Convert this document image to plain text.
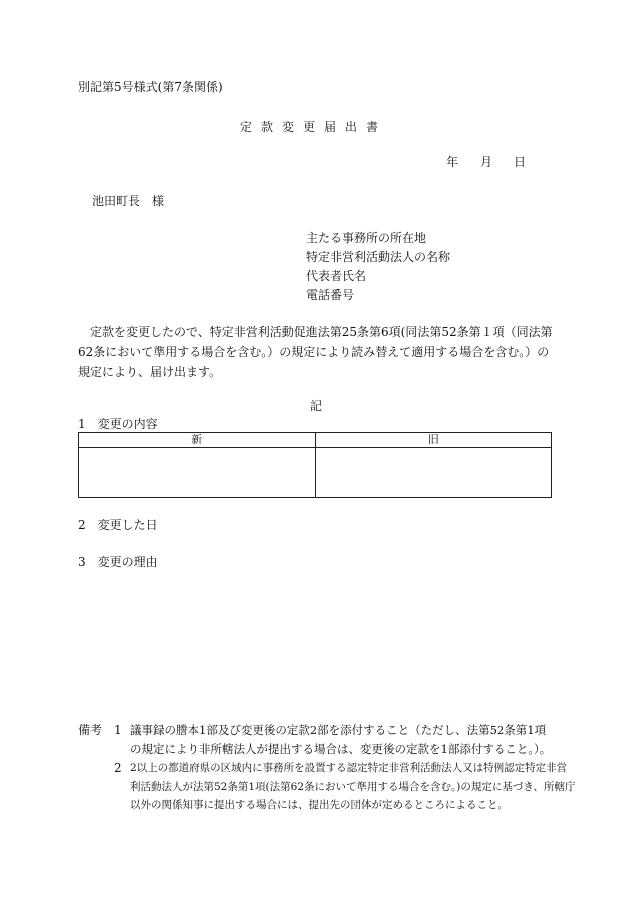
別記第5号様式(第7条関係)
定款変更届出書
年 月 日
池田町長　様
主たる事務所の所在地
特定非営利活動法人の名称
代表者氏名
電話番号
定款を変更したので、特定非営利活動促進法第25条第6項(同法第52条第１項（同法第62条において準用する場合を含む。）の規定により読み替えて適用する場合を含む。）の規定により、届け出ます。
記
1　変更の内容
新	旧

2　変更した日
3　変更の理由
備考 1 議事録の謄本1部及び変更後の定款2部を添付すること（ただし、法第52条第1項
の規定により非所轄法人が提出する場合は、変更後の定款を1部添付すること。）。
2 2以上の都道府県の区域内に事務所を設置する認定特定非営利活動法人又は特例認定特定非営
利活動法人が法第52条第1項(法第62条において準用する場合を含む。)の規定に基づき、所轄庁
以外の関係知事に提出する場合には、提出先の団体が定めるところによること。
